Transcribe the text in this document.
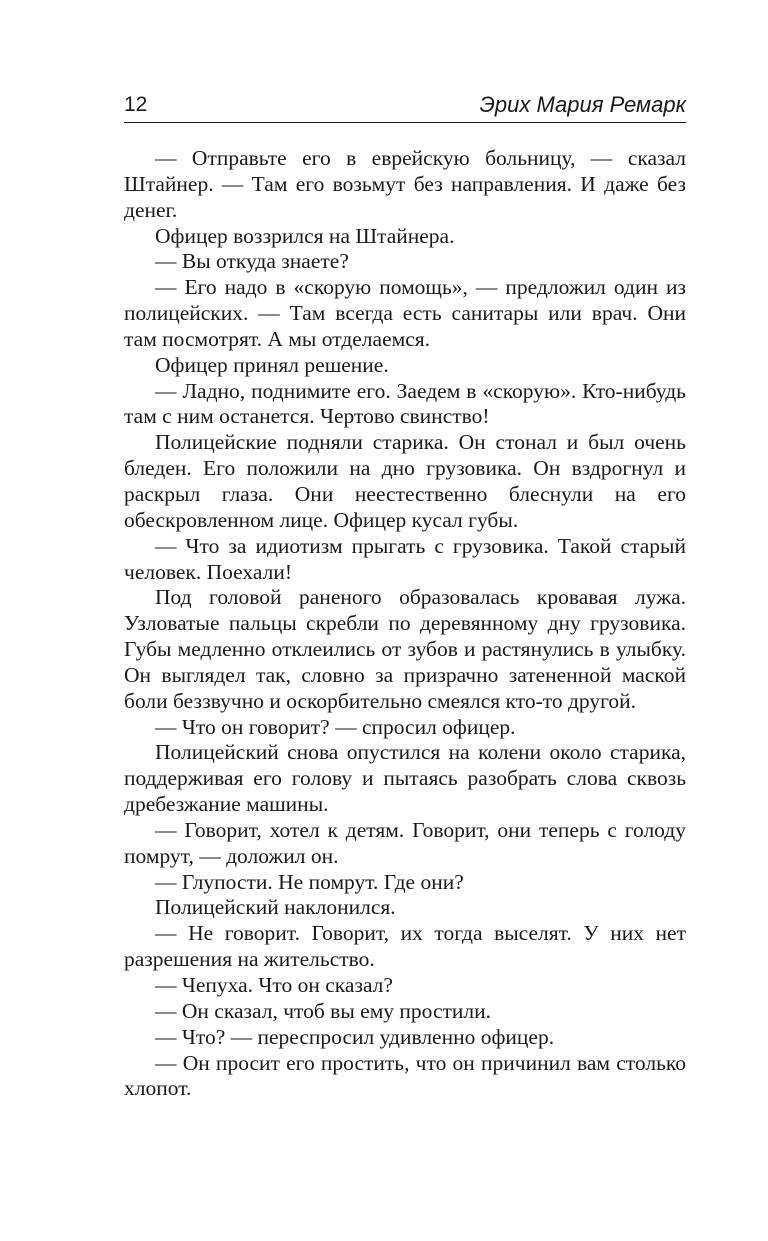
12	Эрих Мария Ремарк

— Отправьте его в еврейскую больницу, — сказал Штайнер. — Там его возьмут без направления. И даже без денег.

Офицер воззрился на Штайнера.

— Вы откуда знаете?

— Его надо в «скорую помощь», — предложил один из полицейских. — Там всегда есть санитары или врач. Они там посмотрят. А мы отделаемся.

Офицер принял решение.

— Ладно, поднимите его. Заедем в «скорую». Кто-нибудь там с ним останется. Чертово свинство!

Полицейские подняли старика. Он стонал и был очень бледен. Его положили на дно грузовика. Он вздрогнул и раскрыл глаза. Они неестественно блеснули на его обескровленном лице. Офицер кусал губы.

— Что за идиотизм прыгать с грузовика. Такой старый человек. Поехали!

Под головой раненого образовалась кровавая лужа. Узловатые пальцы скребли по деревянному дну грузовика. Губы медленно отклеились от зубов и растянулись в улыбку. Он выглядел так, словно за призрачно затененной маской боли беззвучно и оскорбительно смеялся кто-то другой.

— Что он говорит? — спросил офицер.

Полицейский снова опустился на колени около старика, поддерживая его голову и пытаясь разобрать слова сквозь дребезжание машины.

— Говорит, хотел к детям. Говорит, они теперь с голоду помрут, — доложил он.

— Глупости. Не помрут. Где они?

Полицейский наклонился.

— Не говорит. Говорит, их тогда выселят. У них нет разрешения на жительство.

— Чепуха. Что он сказал?

— Он сказал, чтоб вы ему простили.

— Что? — переспросил удивленно офицер.

— Он просит его простить, что он причинил вам столько хлопот.
